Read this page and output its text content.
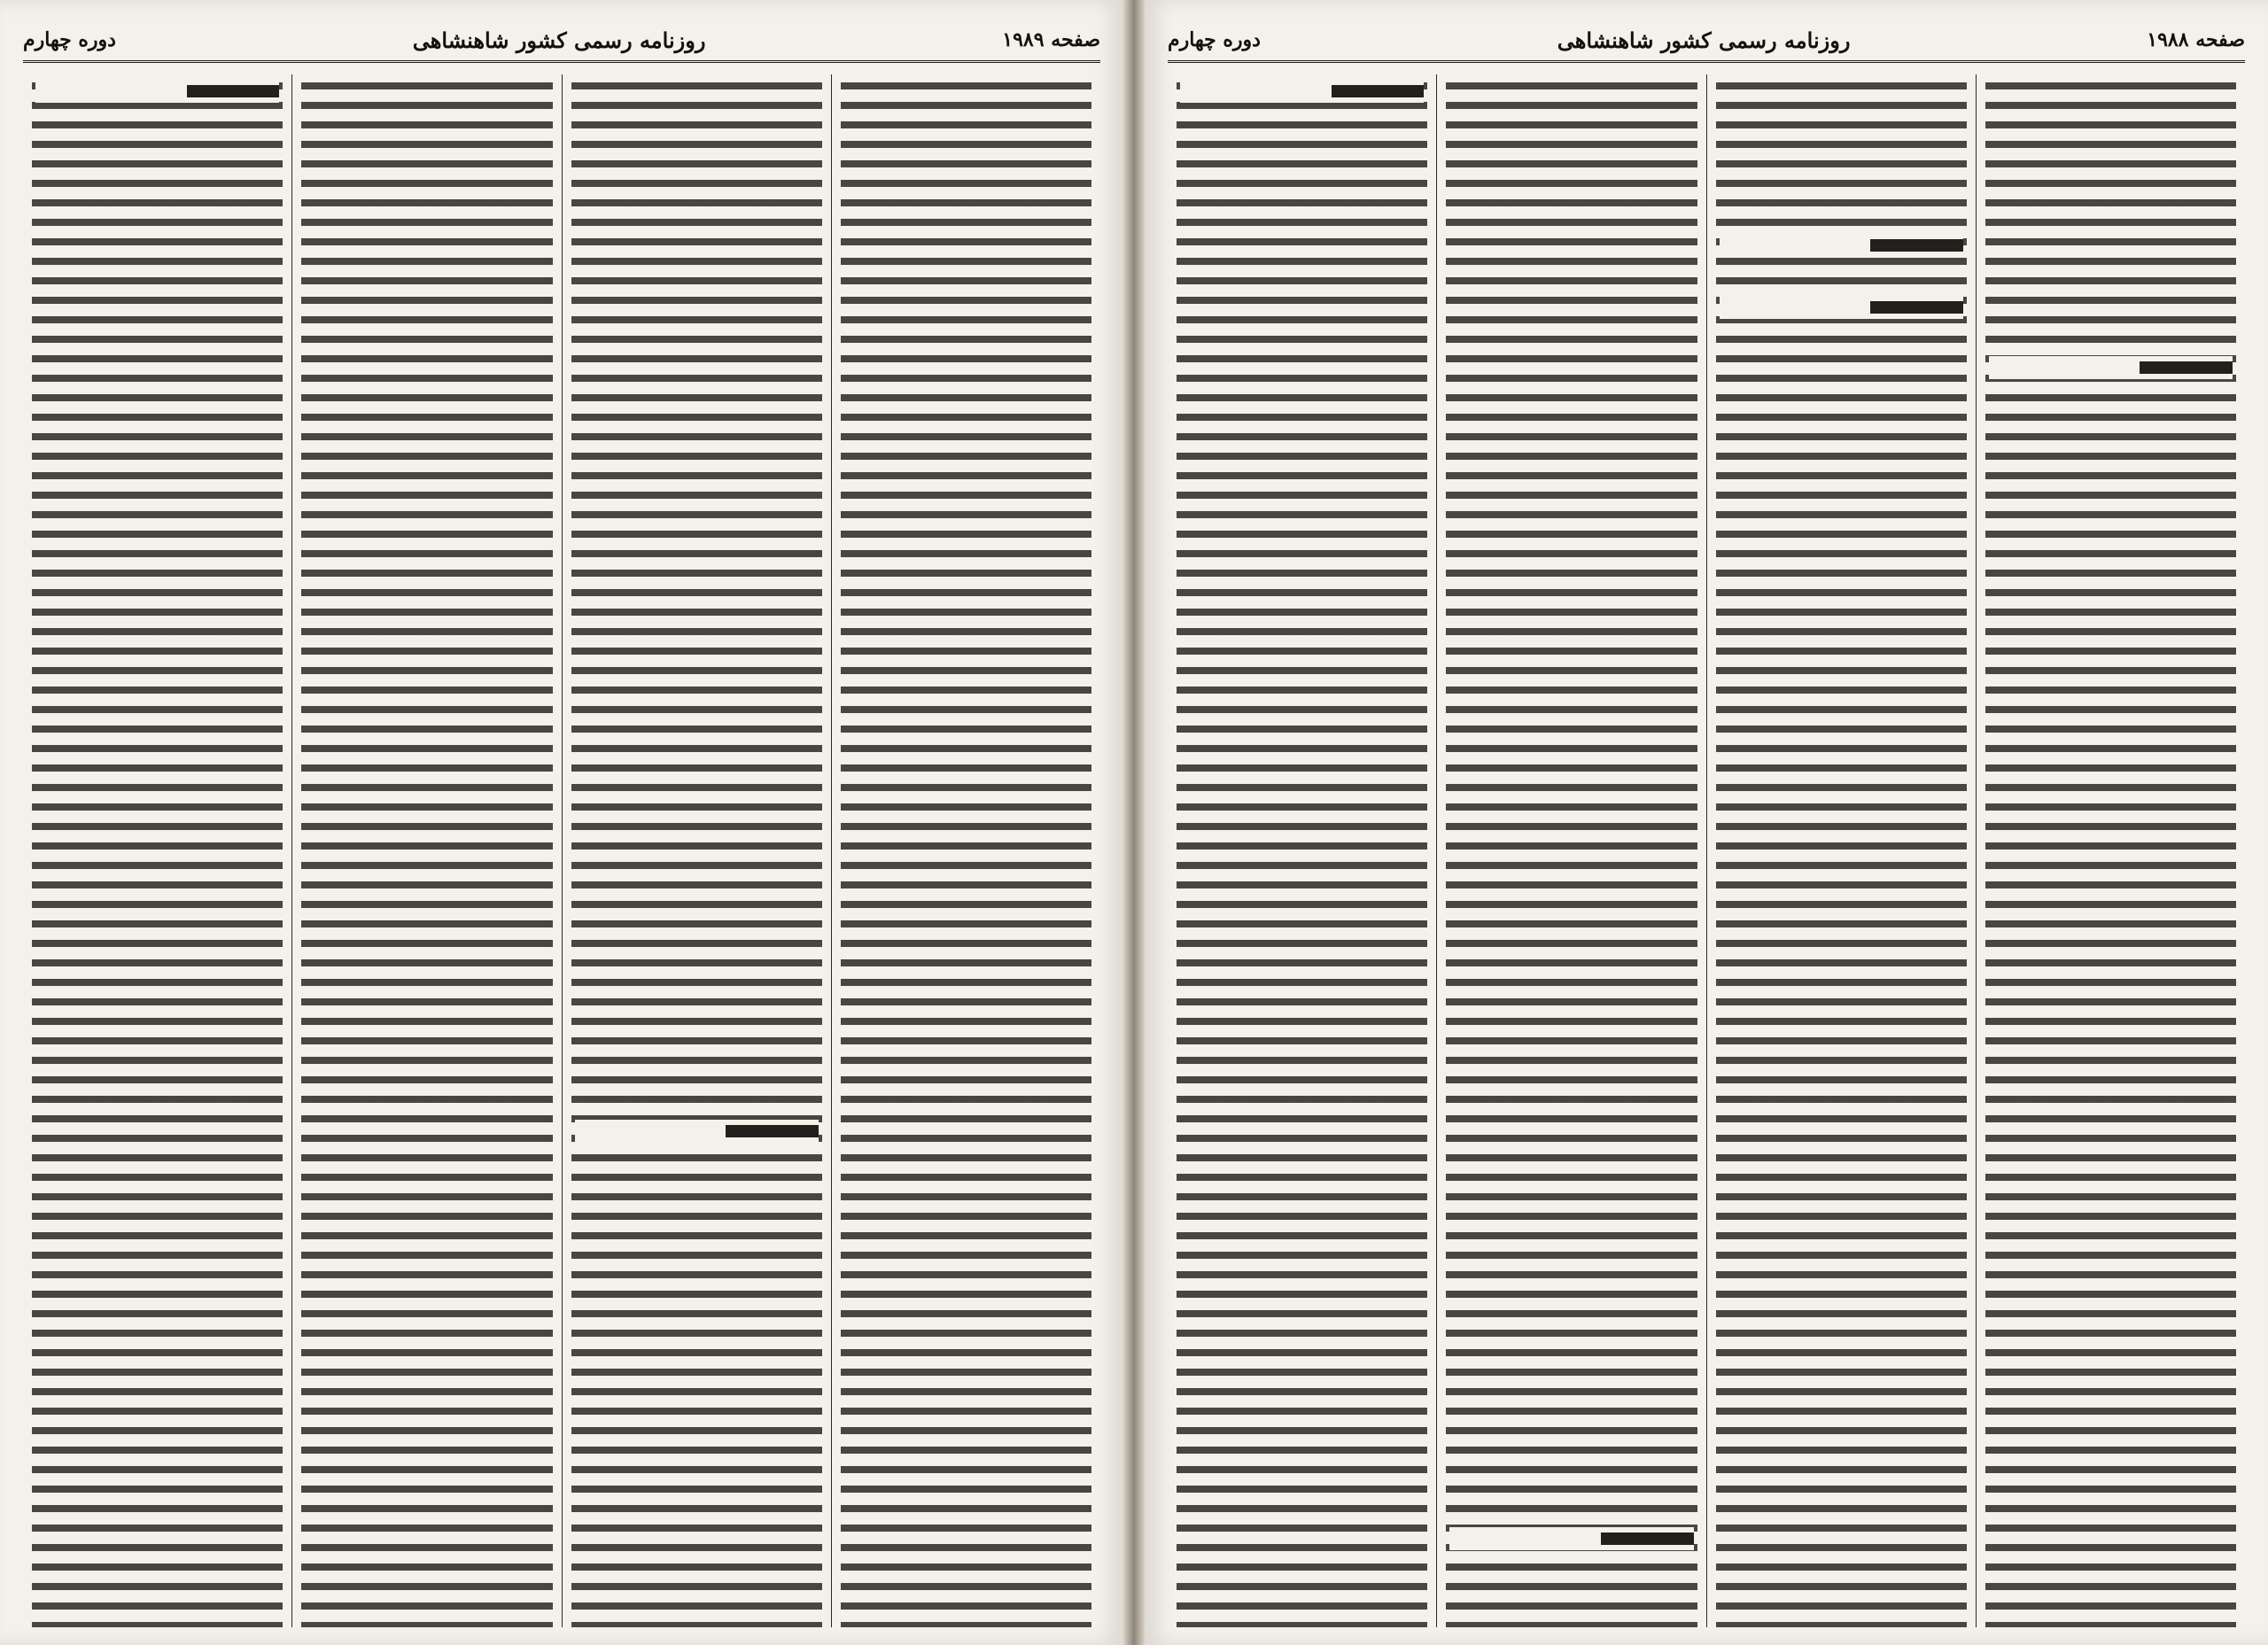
صفحه ۱۹۸۹
روزنامه رسمی کشور شاهنشاهی
دوره چهارم	صفحه ۱۹۸۸
روزنامه رسمی کشور شاهنشاهی
دوره چهارم
